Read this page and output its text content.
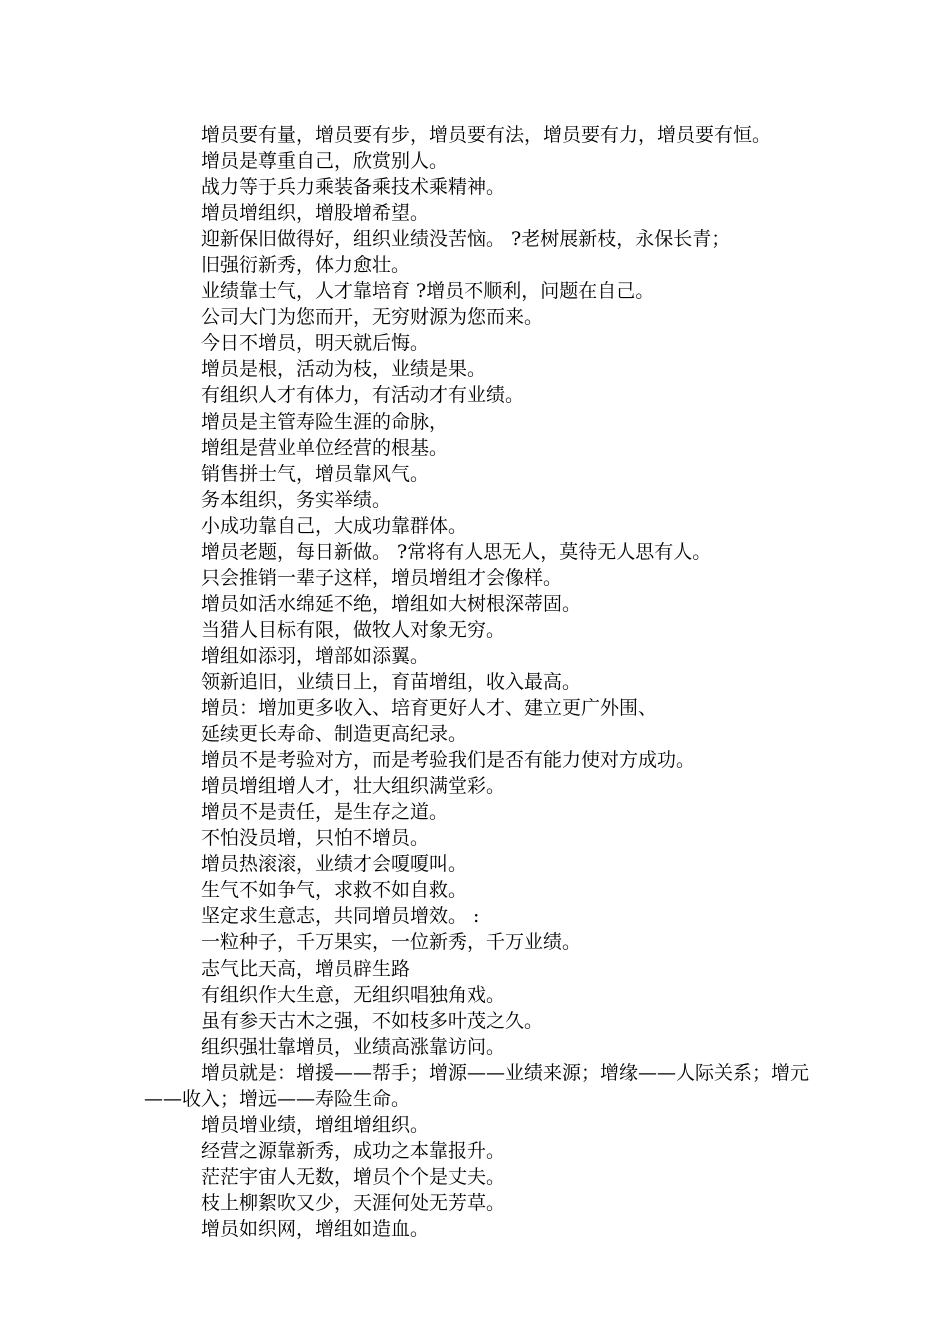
增员要有量，增员要有步，增员要有法，增员要有力，增员要有恒。

增员是尊重自己，欣赏别人。

战力等于兵力乘装备乘技术乘精神。

增员增组织，增股增希望。

迎新保旧做得好，组织业绩没苦恼。 ?老树展新枝，永保长青；

旧强衍新秀，体力愈壮。

业绩靠士气，人才靠培育 ?增员不顺利，问题在自己。

公司大门为您而开，无穷财源为您而来。

今日不增员，明天就后悔。

增员是根，活动为枝，业绩是果。

有组织人才有体力，有活动才有业绩。

增员是主管寿险生涯的命脉，

增组是营业单位经营的根基。

销售拼士气，增员靠风气。

务本组织，务实举绩。

小成功靠自己，大成功靠群体。

增员老题，每日新做。 ?常将有人思无人，莫待无人思有人。

只会推销一辈子这样，增员增组才会像样。

增员如活水绵延不绝，增组如大树根深蒂固。

当猎人目标有限，做牧人对象无穷。

增组如添羽，增部如添翼。

领新追旧，业绩日上，育苗增组，收入最高。

增员：增加更多收入、培育更好人才、建立更广外围、

延续更长寿命、制造更高纪录。

增员不是考验对方，而是考验我们是否有能力使对方成功。

增员增组增人才，壮大组织满堂彩。

增员不是责任，是生存之道。

不怕没员增，只怕不增员。

增员热滚滚，业绩才会嗄嗄叫。

生气不如争气，求救不如自救。

坚定求生意志，共同增员增效。 :

一粒种子，千万果实，一位新秀，千万业绩。

志气比天高，增员辟生路

有组织作大生意，无组织唱独角戏。

虽有参天古木之强，不如枝多叶茂之久。

组织强壮靠增员，业绩高涨靠访问。

增员就是：增援——帮手；增源——业绩来源；增缘——人际关系；增元——收入；增远——寿险生命。

增员增业绩，增组增组织。

经营之源靠新秀，成功之本靠报升。

茫茫宇宙人无数，增员个个是丈夫。

枝上柳絮吹又少，天涯何处无芳草。

增员如织网，增组如造血。
